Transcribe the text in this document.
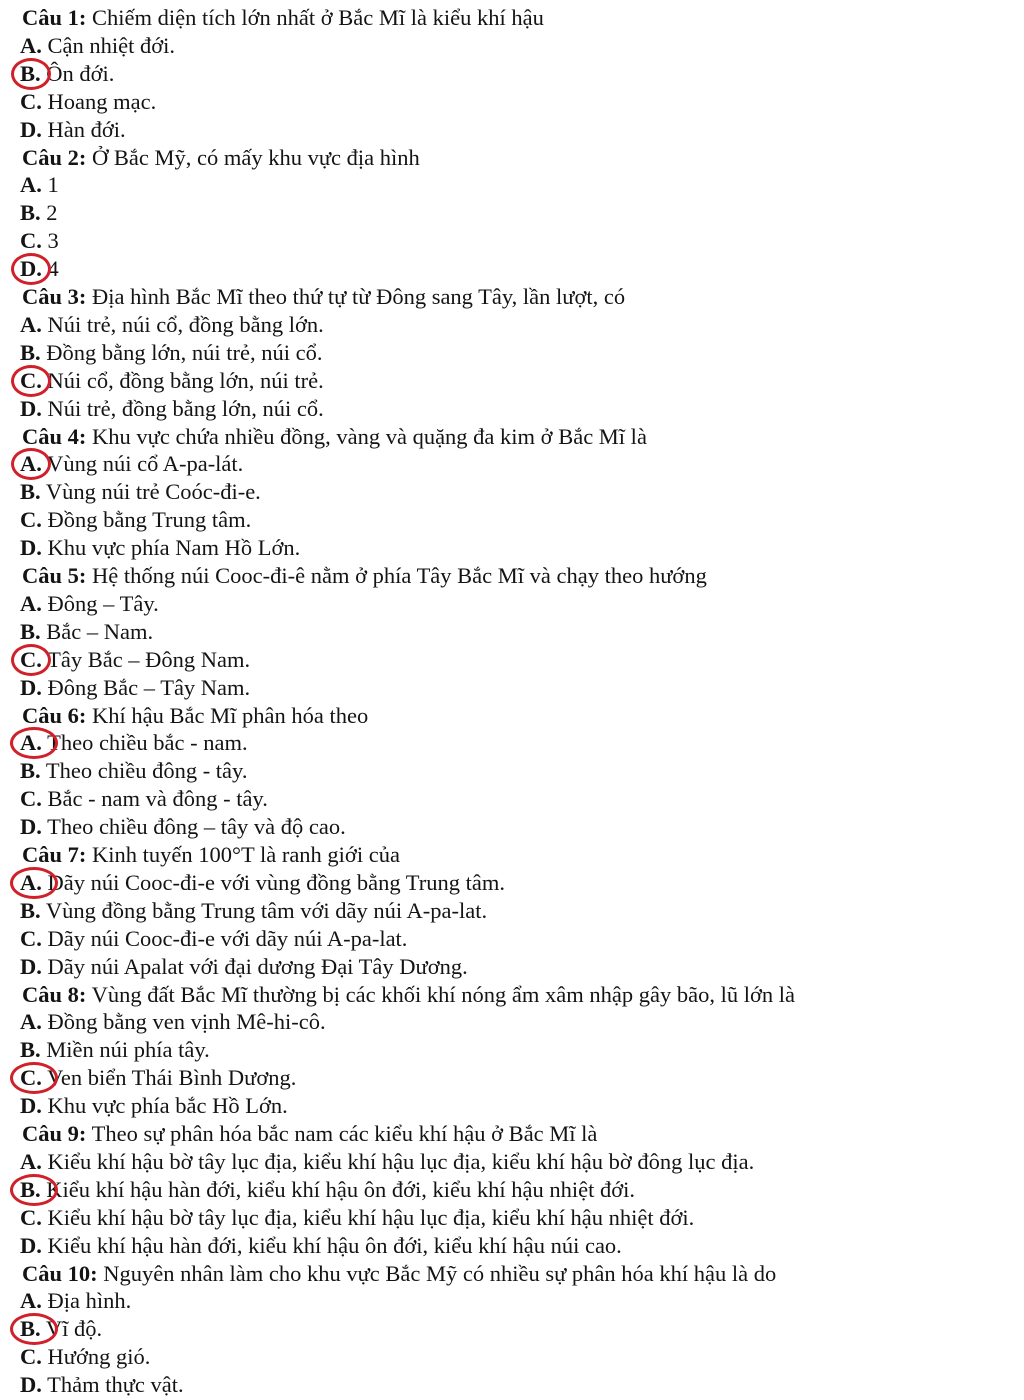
Câu 1: Chiếm diện tích lớn nhất ở Bắc Mĩ là kiểu khí hậu
A. Cận nhiệt đới.
B. Ôn đới.
C. Hoang mạc.
D. Hàn đới.
Câu 2: Ở Bắc Mỹ, có mấy khu vực địa hình
A. 1
B. 2
C. 3
D. 4
Câu 3: Địa hình Bắc Mĩ theo thứ tự từ Đông sang Tây, lần lượt, có
A. Núi trẻ, núi cổ, đồng bằng lớn.
B. Đồng bằng lớn, núi trẻ, núi cổ.
C. Núi cổ, đồng bằng lớn, núi trẻ.
D. Núi trẻ, đồng bằng lớn, núi cổ.
Câu 4: Khu vực chứa nhiều đồng, vàng và quặng đa kim ở Bắc Mĩ là
A. Vùng núi cổ A-pa-lát.
B. Vùng núi trẻ Coóc-đi-e.
C. Đồng bằng Trung tâm.
D. Khu vực phía Nam Hồ Lớn.
Câu 5: Hệ thống núi Cooc-đi-ê nằm ở phía Tây Bắc Mĩ và chạy theo hướng
A. Đông – Tây.
B. Bắc – Nam.
C. Tây Bắc – Đông Nam.
D. Đông Bắc – Tây Nam.
Câu 6: Khí hậu Bắc Mĩ phân hóa theo
A. Theo chiều bắc - nam.
B. Theo chiều đông - tây.
C. Bắc - nam và đông - tây.
D. Theo chiều đông – tây và độ cao.
Câu 7: Kinh tuyến 100°T là ranh giới của
A. Dãy núi Cooc-đi-e với vùng đồng bằng Trung tâm.
B. Vùng đồng bằng Trung tâm với dãy núi A-pa-lat.
C. Dãy núi Cooc-đi-e với dãy núi A-pa-lat.
D. Dãy núi Apalat với đại dương Đại Tây Dương.
Câu 8: Vùng đất Bắc Mĩ thường bị các khối khí nóng ẩm xâm nhập gây bão, lũ lớn là
A. Đồng bằng ven vịnh Mê-hi-cô.
B. Miền núi phía tây.
C. Ven biển Thái Bình Dương.
D. Khu vực phía bắc Hồ Lớn.
Câu 9: Theo sự phân hóa bắc nam các kiểu khí hậu ở Bắc Mĩ là
A. Kiểu khí hậu bờ tây lục địa, kiểu khí hậu lục địa, kiểu khí hậu bờ đông lục địa.
B. Kiểu khí hậu hàn đới, kiểu khí hậu ôn đới, kiểu khí hậu nhiệt đới.
C. Kiểu khí hậu bờ tây lục địa, kiểu khí hậu lục địa, kiểu khí hậu nhiệt đới.
D. Kiểu khí hậu hàn đới, kiểu khí hậu ôn đới, kiểu khí hậu núi cao.
Câu 10: Nguyên nhân làm cho khu vực Bắc Mỹ có nhiều sự phân hóa khí hậu là do
A. Địa hình.
B. Vĩ độ.
C. Hướng gió.
D. Thảm thực vật.
